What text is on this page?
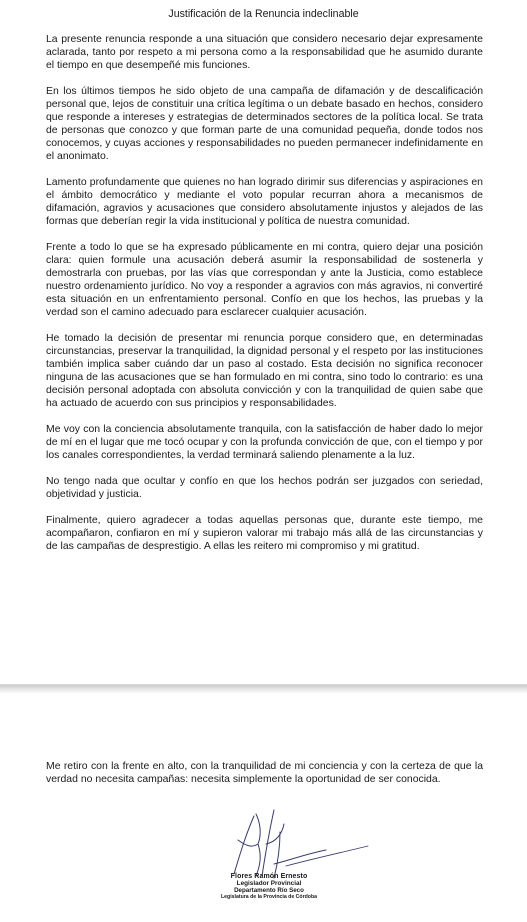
Justificación de la Renuncia indeclinable

La presente renuncia responde a una situación que considero necesario dejar expresamente aclarada, tanto por respeto a mi persona como a la responsabilidad que he asumido durante el tiempo en que desempeñé mis funciones.

En los últimos tiempos he sido objeto de una campaña de difamación y de descalificación personal que, lejos de constituir una crítica legítima o un debate basado en hechos, considero que responde a intereses y estrategias de determinados sectores de la política local. Se trata de personas que conozco y que forman parte de una comunidad pequeña, donde todos nos conocemos, y cuyas acciones y responsabilidades no pueden permanecer indefinidamente en el anonimato.

Lamento profundamente que quienes no han logrado dirimir sus diferencias y aspiraciones en el ámbito democrático y mediante el voto popular recurran ahora a mecanismos de difamación, agravios y acusaciones que considero absolutamente injustos y alejados de las formas que deberían regir la vida institucional y política de nuestra comunidad.

Frente a todo lo que se ha expresado públicamente en mi contra, quiero dejar una posición clara: quien formule una acusación deberá asumir la responsabilidad de sostenerla y demostrarla con pruebas, por las vías que correspondan y ante la Justicia, como establece nuestro ordenamiento jurídico. No voy a responder a agravios con más agravios, ni convertiré esta situación en un enfrentamiento personal. Confío en que los hechos, las pruebas y la verdad son el camino adecuado para esclarecer cualquier acusación.

He tomado la decisión de presentar mi renuncia porque considero que, en determinadas circunstancias, preservar la tranquilidad, la dignidad personal y el respeto por las instituciones también implica saber cuándo dar un paso al costado. Esta decisión no significa reconocer ninguna de las acusaciones que se han formulado en mi contra, sino todo lo contrario: es una decisión personal adoptada con absoluta convicción y con la tranquilidad de quien sabe que ha actuado de acuerdo con sus principios y responsabilidades.

Me voy con la conciencia absolutamente tranquila, con la satisfacción de haber dado lo mejor de mí en el lugar que me tocó ocupar y con la profunda convicción de que, con el tiempo y por los canales correspondientes, la verdad terminará saliendo plenamente a la luz.

No tengo nada que ocultar y confío en que los hechos podrán ser juzgados con seriedad, objetividad y justicia.

Finalmente, quiero agradecer a todas aquellas personas que, durante este tiempo, me acompañaron, confiaron en mí y supieron valorar mi trabajo más allá de las circunstancias y de las campañas de desprestigio. A ellas les reitero mi compromiso y mi gratitud.

Me retiro con la frente en alto, con la tranquilidad de mi conciencia y con la certeza de que la verdad no necesita campañas: necesita simplemente la oportunidad de ser conocida.

Flores Ramón Ernesto
Legislador Provincial
Departamento Río Seco
Legislatura de la Provincia de Córdoba
